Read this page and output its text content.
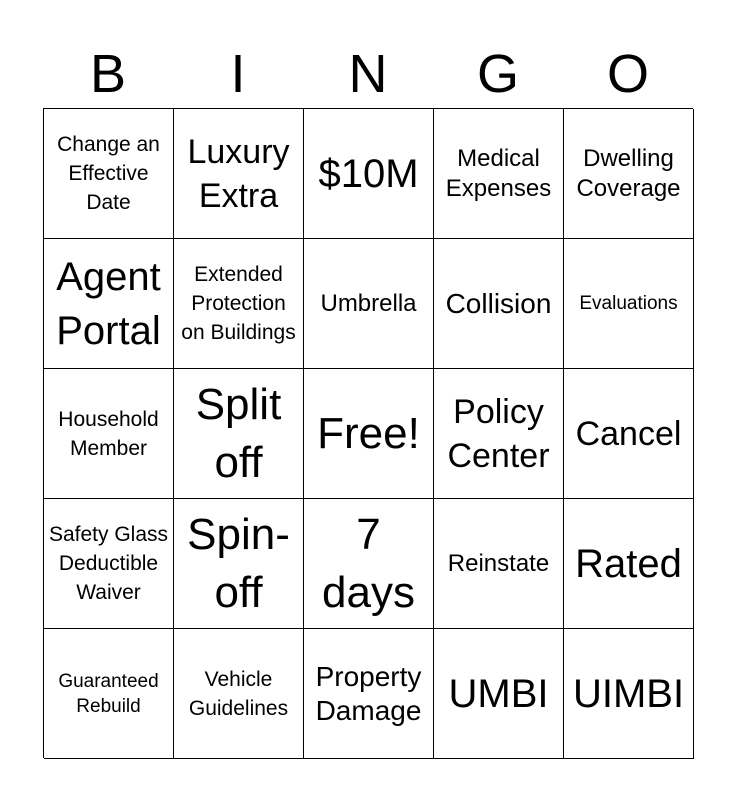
B	I	N	G	O
Change an Effective Date
Luxury Extra	$10M	Medical Expenses
Dwelling Coverage
Agent Portal
Extended Protection on Buildings
Umbrella Collision Evaluations
Household Member
Split off
Free! Policy Center
Cancel
Safety Glass Deductible Waiver
Spin-off
7 days
Reinstate Rated
Guaranteed Rebuild
Vehicle Guidelines
Property Damage UMBI UIMBI
